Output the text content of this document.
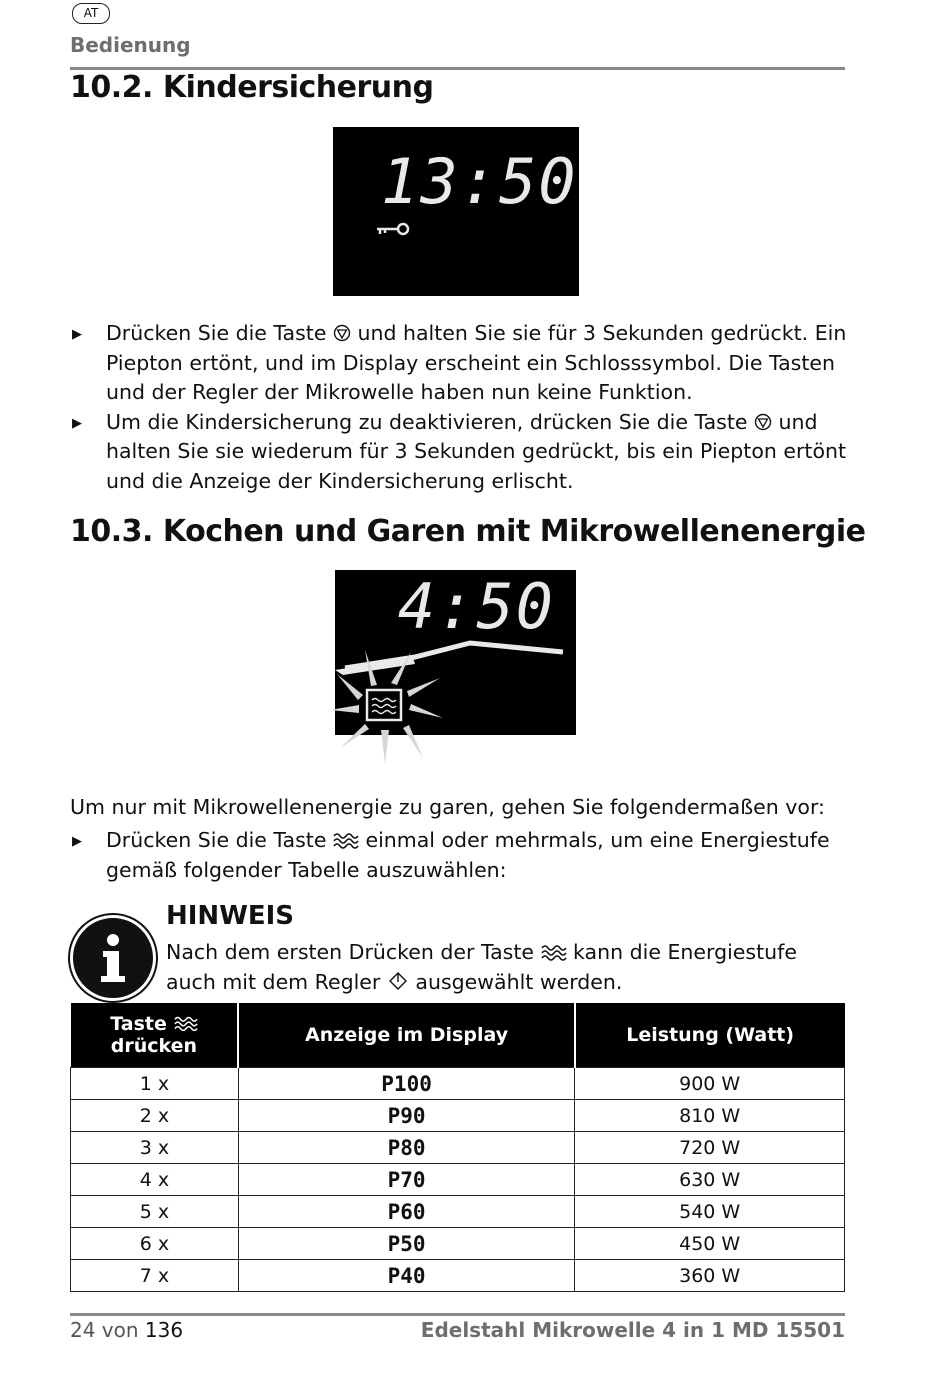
AT
Bedienung
10.2. Kindersicherung
13:50
▶	Drücken Sie die Taste  und halten Sie sie für 3 Sekunden gedrückt. Ein Piepton ertönt, und im Display erscheint ein Schlosssymbol. Die Tasten und der Regler der Mikrowelle haben nun keine Funktion.
▶	Um die Kindersicherung zu deaktivieren, drücken Sie die Taste  und halten Sie sie wiederum für 3 Sekunden gedrückt, bis ein Piepton ertönt und die Anzeige der Kindersicherung erlischt.
10.3. Kochen und Garen mit Mikrowellenenergie
4:50
Um nur mit Mikrowellenenergie zu garen, gehen Sie folgendermaßen vor:
▶	Drücken Sie die Taste  einmal oder mehrmals, um eine Energiestufe gemäß folgender Tabelle auszuwählen:
HINWEIS
Nach dem ersten Drücken der Taste  kann die Energiestufe auch mit dem Regler  ausgewählt werden.
Taste
drücken	Anzeige im Display	Leistung (Watt)
1 x	P100	900 W
2 x	P90	810 W
3 x	P80	720 W
4 x	P70	630 W
5 x	P60	540 W
6 x	P50	450 W
7 x	P40	360 W
24 von 136	Edelstahl Mikrowelle 4 in 1 MD 15501
